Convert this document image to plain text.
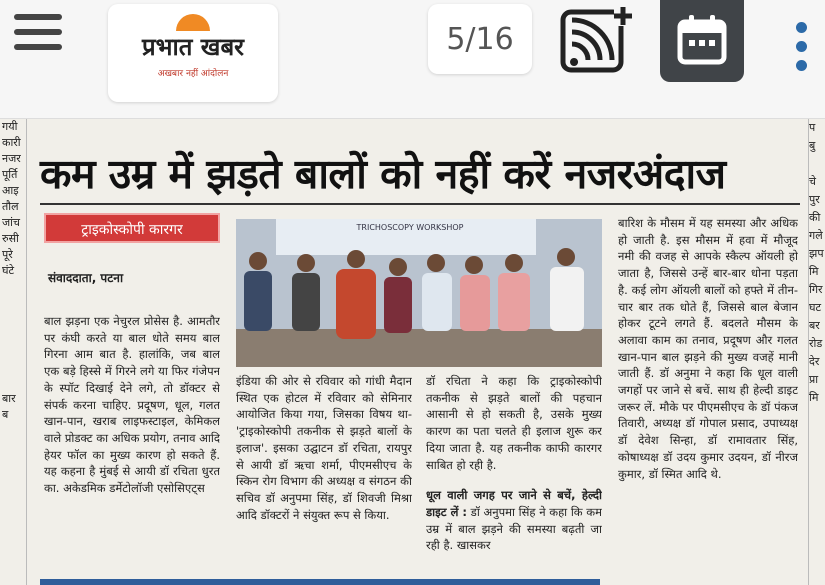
प्रभात खबर
अखबार नहीं आंदोलन
5/16
गयी
कारी
नजर
पूर्ति
आइ
तौल
जांच
रुसी
पूरे
घंटे

बार
ब
प
बु

चे
पुर
की
गले
झप
मि
गिर
घट
बर
रोड
देर
प्रा
मि
कम उम्र में झड़ते बालों को नहीं करें नजरअंदाज
ट्राइकोस्कोपी कारगर
संवाददाता, पटना

बाल झड़ना एक नेचुरल प्रोसेस है. आमतौर पर कंघी करते या बाल धोते समय बाल गिरना आम बात है. हालांकि, जब बाल एक बड़े हिस्से में गिरने लगे या फिर गंजेपन के स्पॉट दिखाई देने लगे, तो डॉक्टर से संपर्क करना चाहिए. प्रदूषण, धूल, गलत खान-पान, खराब लाइफस्टाइल, केमिकल वाले प्रोडक्ट का अधिक प्रयोग, तनाव आदि हेयर फॉल का मुख्य कारण हो सकते हैं. यह कहना है मुंबई से आयी डॉ रचिता धुरत का. अकेडमिक डर्मेटोलॉजी एसोसिएट्स

TRICHOSCOPY WORKSHOP

इंडिया की ओर से रविवार को गांधी मैदान स्थित एक होटल में रविवार को सेमिनार आयोजित किया गया, जिसका विषय था- 'ट्राइकोस्कोपी तकनीक से झड़ते बालों के इलाज'. इसका उद्घाटन डॉ रचिता, रायपुर से आयी डॉ ऋचा शर्मा, पीएमसीएच के स्किन रोग विभाग की अध्यक्ष व संगठन की सचिव डॉ अनुपमा सिंह, डॉ शिवजी मिश्रा आदि डॉक्टरों ने संयुक्त रूप से किया.

डॉ रचिता ने कहा कि ट्राइकोस्कोपी तकनीक से झड़ते बालों की पहचान आसानी से हो सकती है, उसके मुख्य कारण का पता चलते ही इलाज शुरू कर दिया जाता है. यह तकनीक काफी कारगर साबित हो रही है.

धूल वाली जगह पर जाने से बचें, हेल्दी डाइट लें : डॉ अनुपमा सिंह ने कहा कि कम उम्र में बाल झड़ने की समस्या बढ़ती जा रही है. खासकर

बारिश के मौसम में यह समस्या और अधिक हो जाती है. इस मौसम में हवा में मौजूद नमी की वजह से आपके स्कैल्प ऑयली हो जाता है, जिससे उन्हें बार-बार धोना पड़ता है. कई लोग ऑयली बालों को हफ्ते में तीन-चार बार तक धोते हैं, जिससे बाल बेजान होकर टूटने लगते हैं. बदलते मौसम के अलावा काम का तनाव, प्रदूषण और गलत खान-पान बाल झड़ने की मुख्य वजहें मानी जाती हैं. डॉ अनुमा ने कहा कि धूल वाली जगहों पर जाने से बचें. साथ ही हेल्दी डाइट जरूर लें. मौके पर पीएमसीएच के डॉ पंकज तिवारी, अध्यक्ष डॉ गोपाल प्रसाद, उपाध्यक्ष डॉ देवेश सिन्हा, डॉ रामावतार सिंह, कोषाध्यक्ष डॉ उदय कुमार उदयन, डॉ नीरज कुमार, डॉ स्मित आदि थे.
